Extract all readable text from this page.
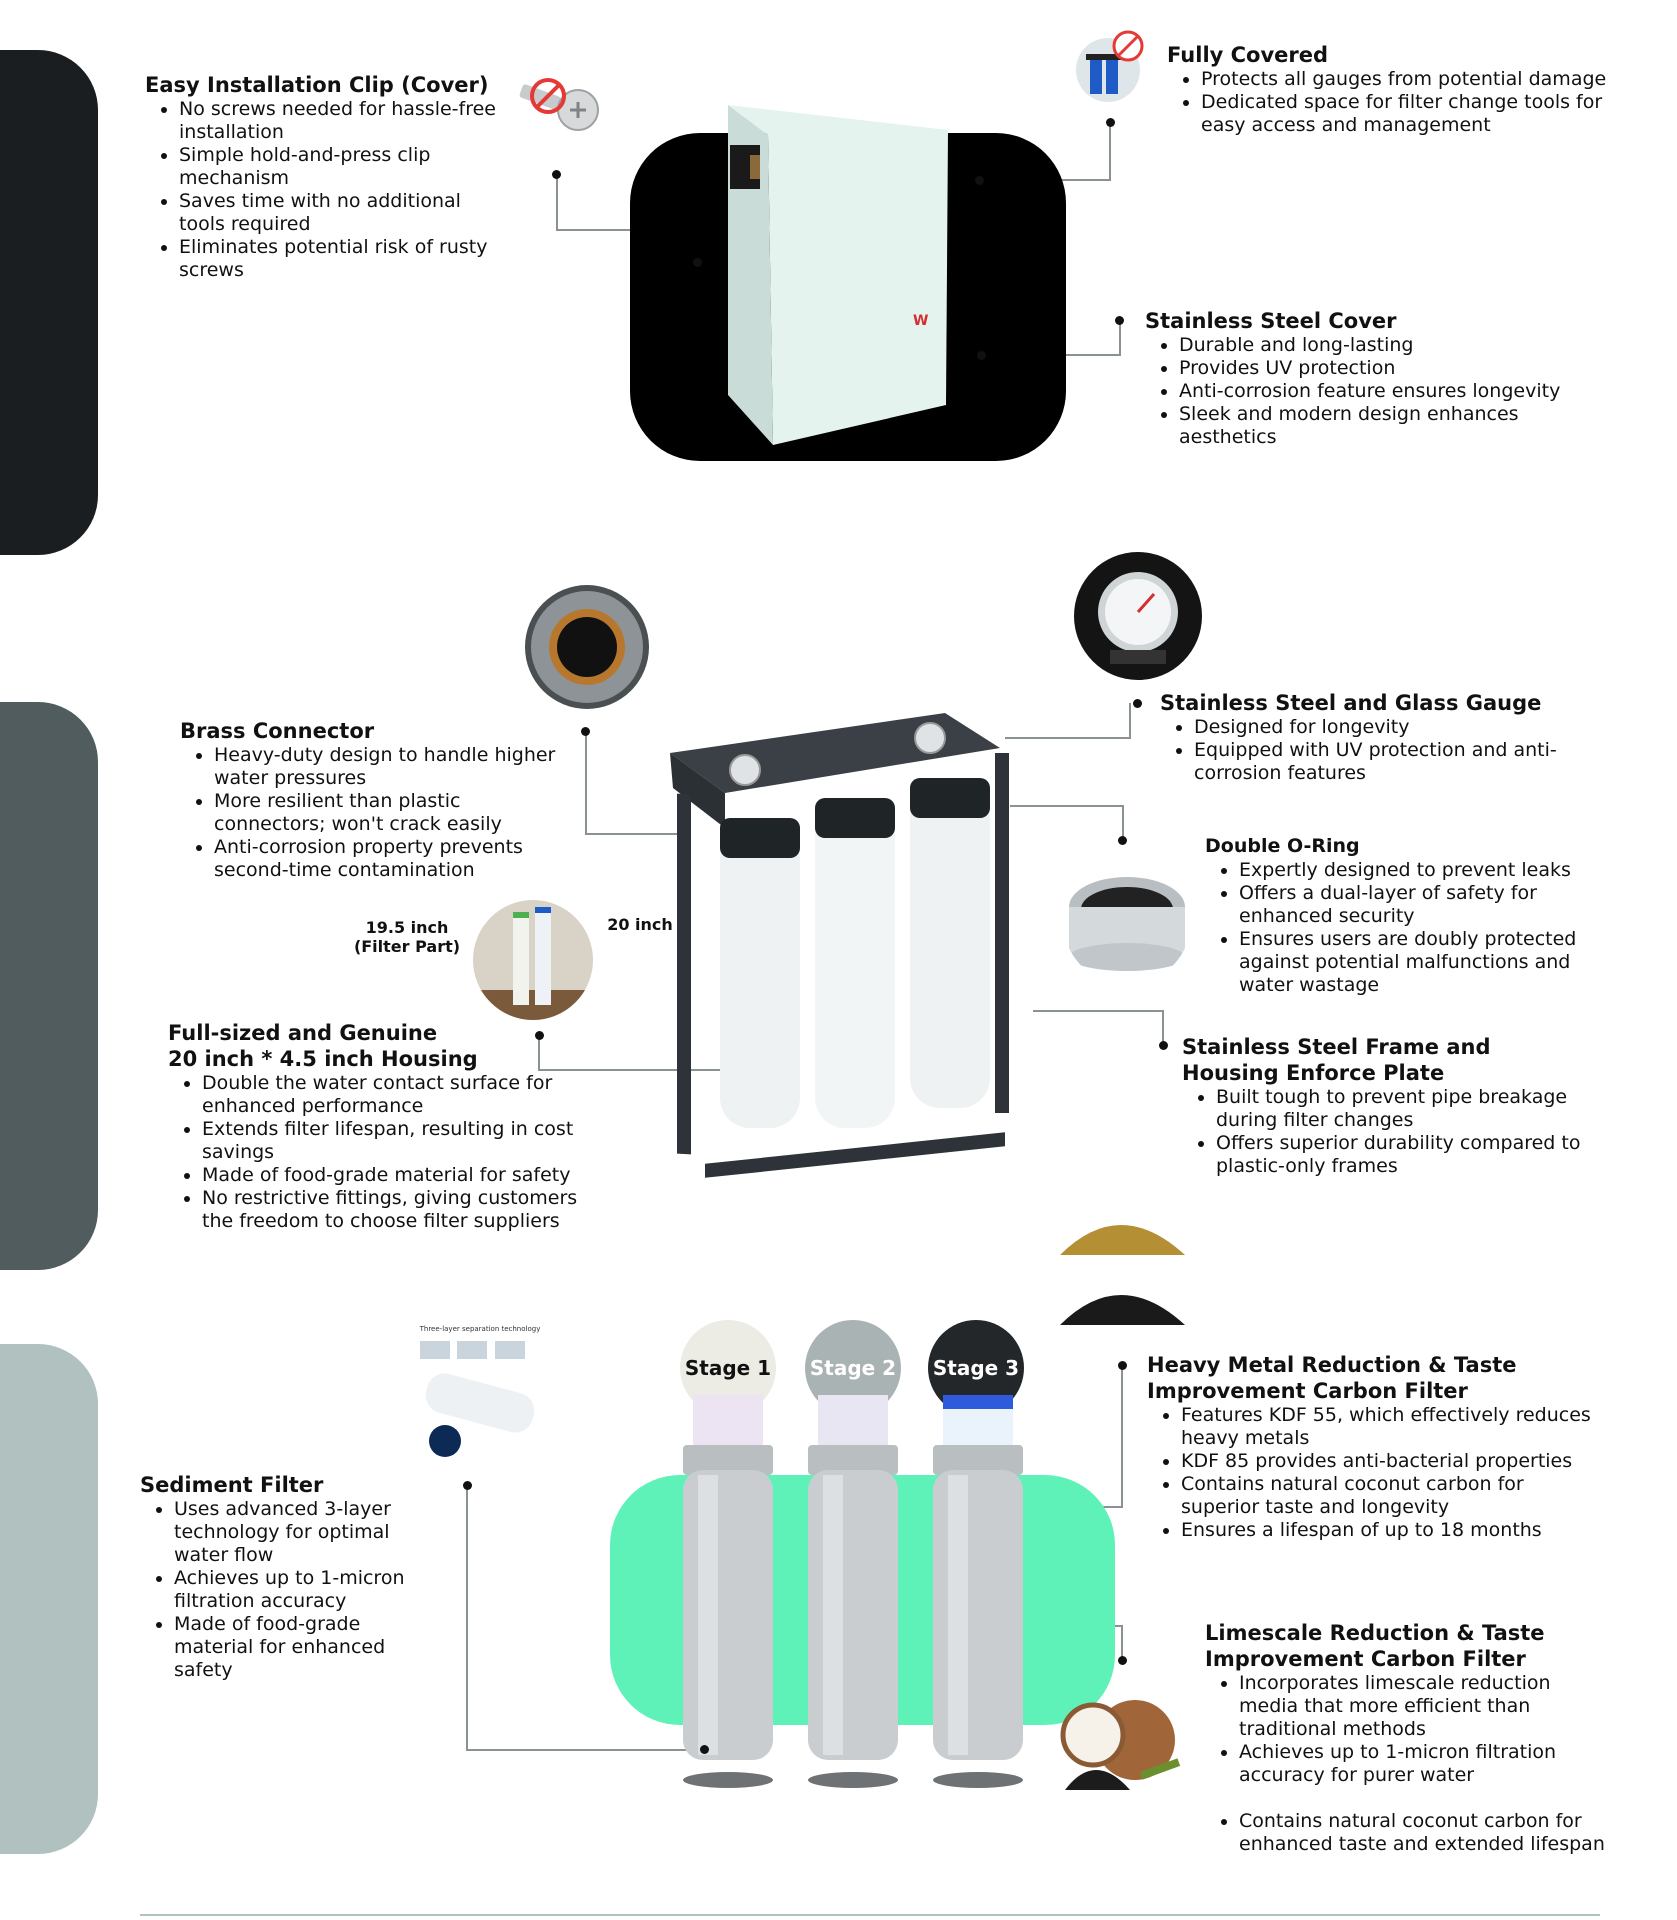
Easy Installation Clip (Cover)
• No screws needed for hassle-free installation
• Simple hold-and-press clip mechanism
• Saves time with no additional tools required
• Eliminates potential risk of rusty screws
W
Fully Covered
• Protects all gauges from potential damage
• Dedicated space for filter change tools for easy access and management
Stainless Steel Cover
• Durable and long-lasting
• Provides UV protection
• Anti-corrosion feature ensures longevity
• Sleek and modern design enhances aesthetics
Brass Connector
• Heavy-duty design to handle higher water pressures
• More resilient than plastic connectors; won't crack easily
• Anti-corrosion property prevents second-time contamination
Stainless Steel and Glass Gauge
• Designed for longevity
• Equipped with UV protection and anti-corrosion features
Double O-Ring
• Expertly designed to prevent leaks
• Offers a dual-layer of safety for enhanced security
• Ensures users are doubly protected against potential malfunctions and water wastage
19.5 inch
(Filter Part)
20 inch
Full-sized and Genuine
20 inch * 4.5 inch Housing
• Double the water contact surface for enhanced performance
• Extends filter lifespan, resulting in cost savings
• Made of food-grade material for safety
• No restrictive fittings, giving customers the freedom to choose filter suppliers
Stainless Steel Frame and
Housing Enforce Plate
• Built tough to prevent pipe breakage during filter changes
• Offers superior durability compared to plastic-only frames
Three-layer separation technology
Sediment Filter
• Uses advanced 3-layer technology for optimal water flow
• Achieves up to 1-micron filtration accuracy
• Made of food-grade material for enhanced safety
Stage 1 Stage 2 Stage 3	Heavy Metal Reduction & Taste
Improvement Carbon Filter
• Features KDF 55, which effectively reduces heavy metals
• KDF 85 provides anti-bacterial properties
• Contains natural coconut carbon for superior taste and longevity
• Ensures a lifespan of up to 18 months
Limescale Reduction & Taste
Improvement Carbon Filter
• Incorporates limescale reduction media that more efficient than traditional methods
• Achieves up to 1-micron filtration accuracy for purer water
• Contains natural coconut carbon for enhanced taste and extended lifespan
